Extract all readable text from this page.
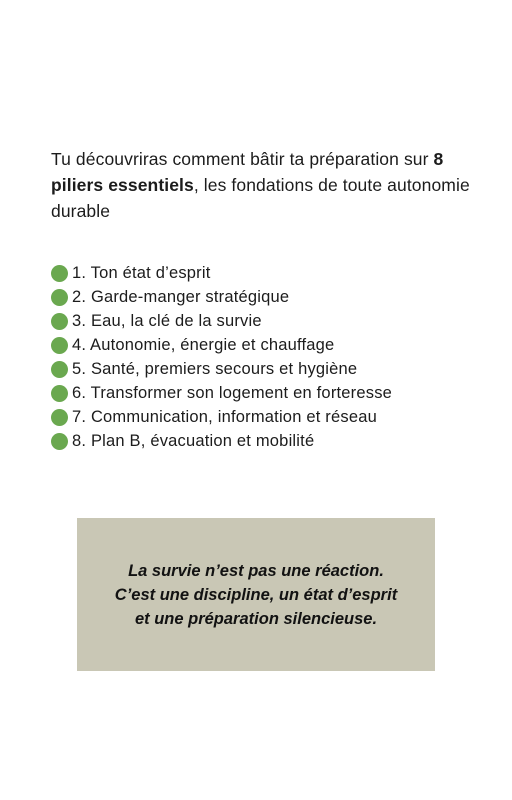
Tu découvriras comment bâtir ta préparation sur 8 piliers essentiels, les fondations de toute autonomie durable

1. Ton état d’esprit
2. Garde-manger stratégique
3. Eau, la clé de la survie
4. Autonomie, énergie et chauffage
5. Santé, premiers secours et hygiène
6. Transformer son logement en forteresse
7. Communication, information et réseau
8. Plan B, évacuation et mobilité
La survie n’est pas une réaction.
C’est une discipline, un état d’esprit
et une préparation silencieuse.
